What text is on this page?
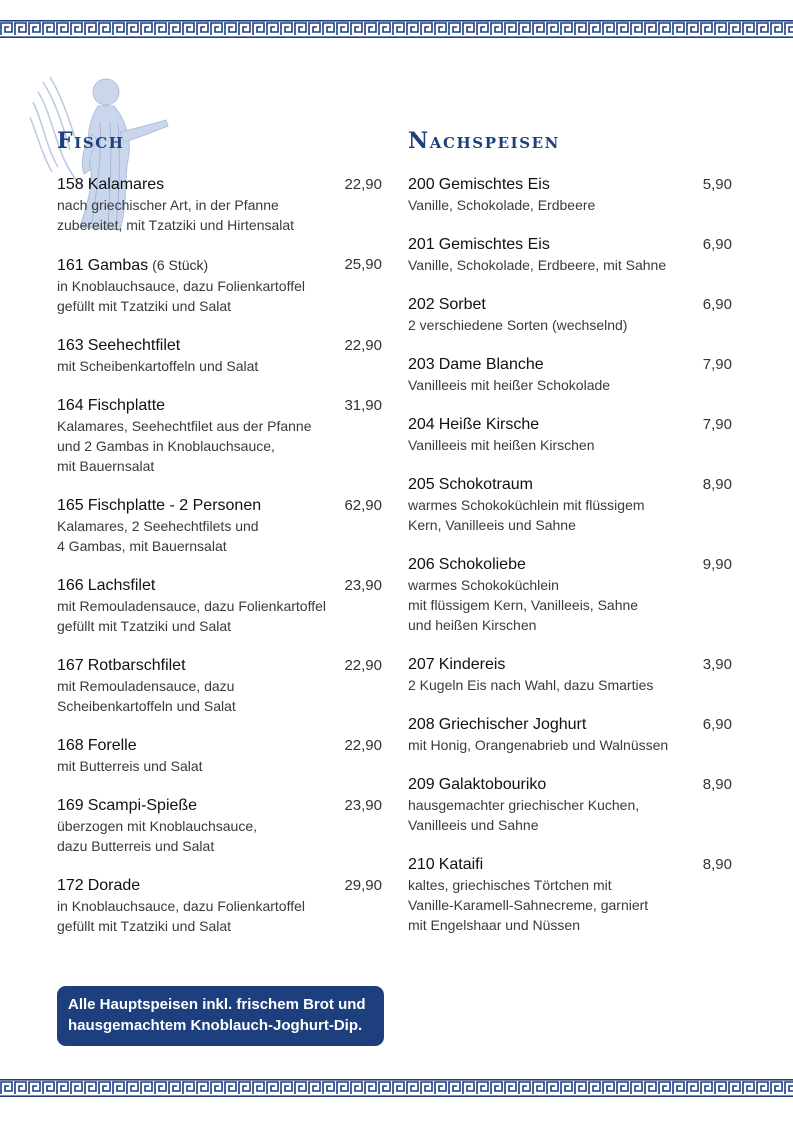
Fisch	Nachspeisen
158 Kalamares	22,90
nach griechischer Art, in der Pfanne
zubereitet, mit Tzatziki und Hirtensalat
161 Gambas (6 Stück)	25,90
in Knoblauchsauce, dazu Folienkartoffel
gefüllt mit Tzatziki und Salat
163 Seehechtfilet	22,90
mit Scheibenkartoffeln und Salat
164 Fischplatte	31,90
Kalamares, Seehechtfilet aus der Pfanne
und 2 Gambas in Knoblauchsauce,
mit Bauernsalat
165 Fischplatte - 2 Personen	62,90
Kalamares, 2 Seehechtfilets und
4 Gambas, mit Bauernsalat
166 Lachsfilet	23,90
mit Remouladensauce, dazu Folienkartoffel
gefüllt mit Tzatziki und Salat
167 Rotbarschfilet	22,90
mit Remouladensauce, dazu
Scheibenkartoffeln und Salat
168 Forelle	22,90
mit Butterreis und Salat
169 Scampi-Spieße	23,90
überzogen mit Knoblauchsauce,
dazu Butterreis und Salat
172 Dorade	29,90
in Knoblauchsauce, dazu Folienkartoffel
gefüllt mit Tzatziki und Salat
200 Gemischtes Eis	5,90
Vanille, Schokolade, Erdbeere
201 Gemischtes Eis	6,90
Vanille, Schokolade, Erdbeere, mit Sahne
202 Sorbet	6,90
2 verschiedene Sorten (wechselnd)
203 Dame Blanche	7,90
Vanilleeis mit heißer Schokolade
204 Heiße Kirsche	7,90
Vanilleeis mit heißen Kirschen
205 Schokotraum	8,90
warmes Schokoküchlein mit flüssigem
Kern, Vanilleeis und Sahne
206 Schokoliebe	9,90
warmes Schokoküchlein
mit flüssigem Kern, Vanilleeis, Sahne
und heißen Kirschen
207 Kindereis	3,90
2 Kugeln Eis nach Wahl, dazu Smarties
208 Griechischer Joghurt	6,90
mit Honig, Orangenabrieb und Walnüssen
209 Galaktobouriko	8,90
hausgemachter griechischer Kuchen,
Vanilleeis und Sahne
210 Kataifi	8,90
kaltes, griechisches Törtchen mit
Vanille-Karamell-Sahnecreme, garniert
mit Engelshaar und Nüssen
Alle Hauptspeisen inkl. frischem Brot und
hausgemachtem Knoblauch-Joghurt-Dip.
